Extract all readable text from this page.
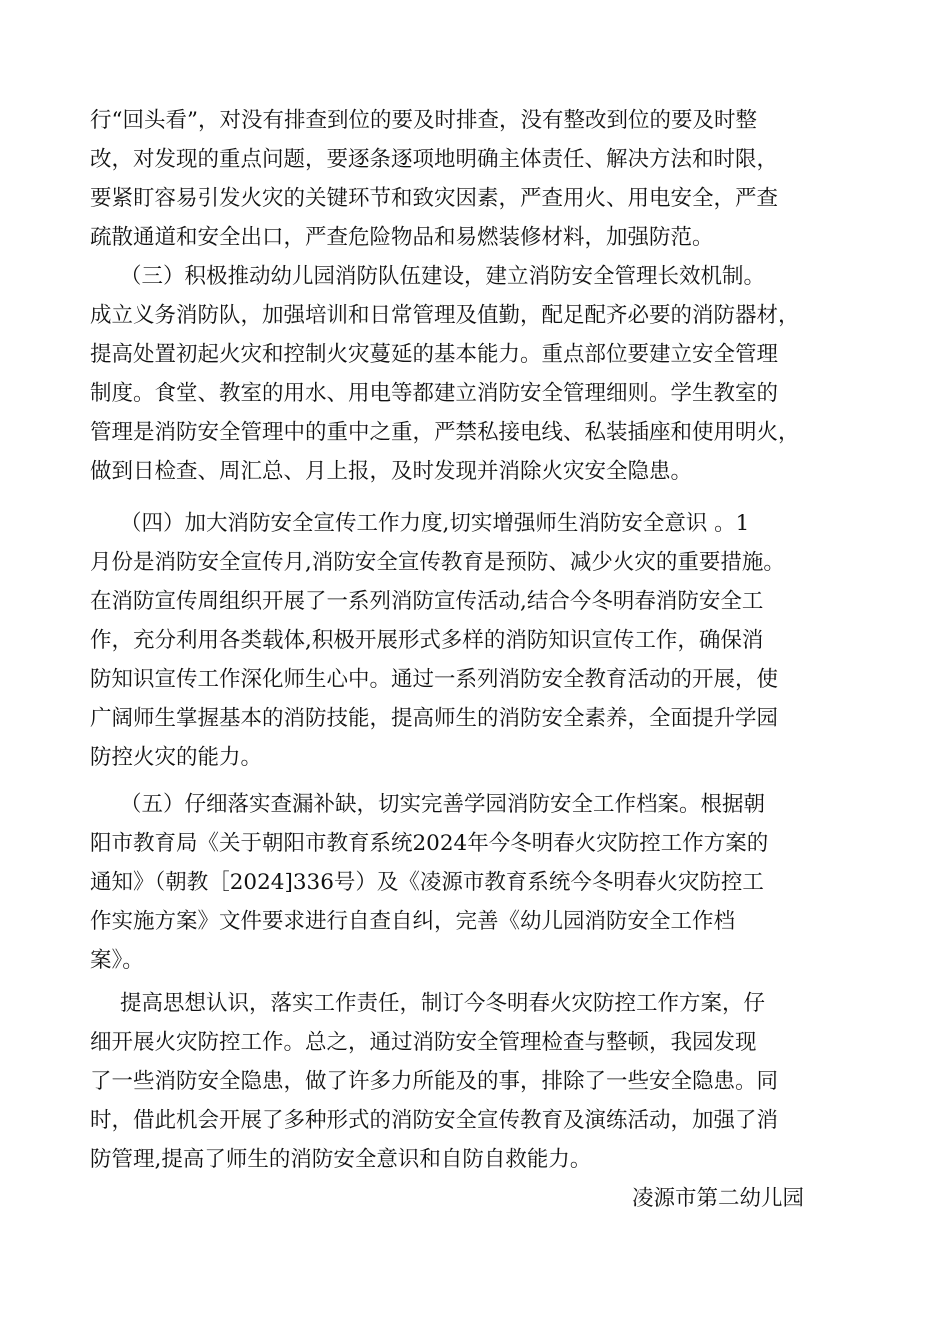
行“回头看”，对没有排查到位的要及时排查，没有整改到位的要及时整
改，对发现的重点问题，要逐条逐项地明确主体责任、解决方法和时限，
要紧盯容易引发火灾的关键环节和致灾因素，严查用火、用电安全，严查
疏散通道和安全出口，严查危险物品和易燃装修材料，加强防范。
（三）积极推动幼儿园消防队伍建设，建立消防安全管理长效机制。
成立义务消防队，加强培训和日常管理及值勤，配足配齐必要的消防器材，
提高处置初起火灾和控制火灾蔓延的基本能力。重点部位要建立安全管理
制度。食堂、教室的用水、用电等都建立消防安全管理细则。学生教室的
管理是消防安全管理中的重中之重，严禁私接电线、私装插座和使用明火，
做到日检查、周汇总、月上报，及时发现并消除火灾安全隐患。
（四）加大消防安全宣传工作力度,切实增强师生消防安全意识 。1
月份是消防安全宣传月,消防安全宣传教育是预防、减少火灾的重要措施。
在消防宣传周组织开展了一系列消防宣传活动,结合今冬明春消防安全工
作，充分利用各类载体,积极开展形式多样的消防知识宣传工作，确保消
防知识宣传工作深化师生心中。通过一系列消防安全教育活动的开展，使
广阔师生掌握基本的消防技能，提高师生的消防安全素养，全面提升学园
防控火灾的能力。
（五）仔细落实查漏补缺，切实完善学园消防安全工作档案。根据朝
阳市教育局《关于朝阳市教育系统2024年今冬明春火灾防控工作方案的
通知》（朝教［2024]336号）及《凌源市教育系统今冬明春火灾防控工
作实施方案》文件要求进行自查自纠，完善《幼儿园消防安全工作档
案》。
提高思想认识，落实工作责任，制订今冬明春火灾防控工作方案，仔
细开展火灾防控工作。总之，通过消防安全管理检查与整顿，我园发现
了一些消防安全隐患，做了许多力所能及的事，排除了一些安全隐患。同
时，借此机会开展了多种形式的消防安全宣传教育及演练活动，加强了消
防管理,提高了师生的消防安全意识和自防自救能力。
凌源市第二幼儿园
